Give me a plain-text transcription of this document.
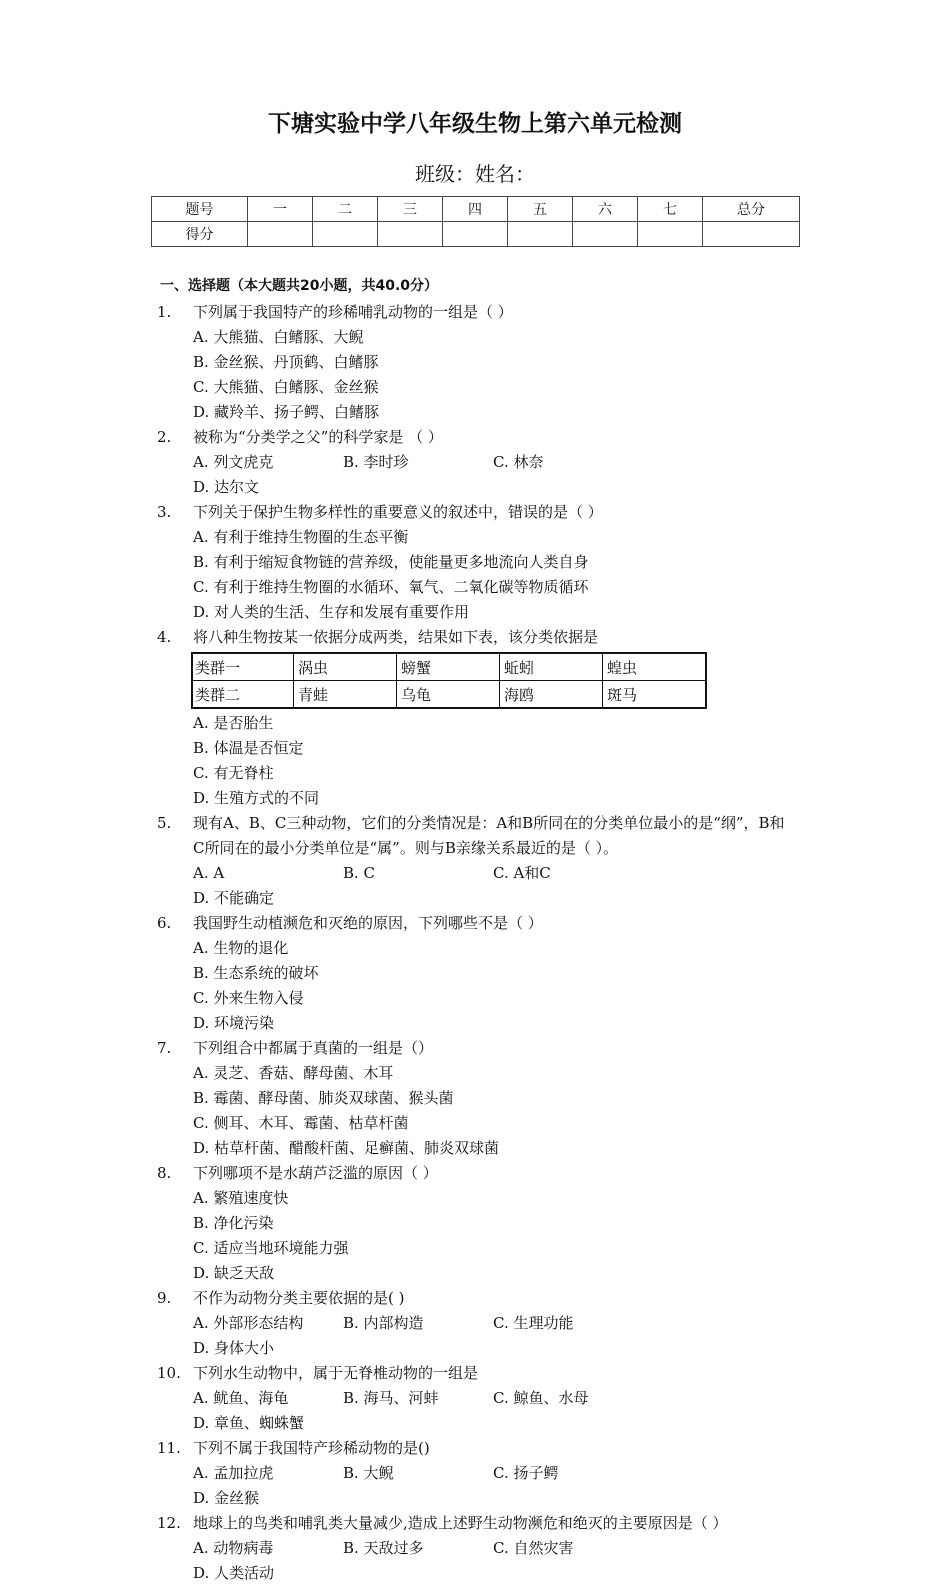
下塘实验中学八年级生物上第六单元检测
班级：姓名：
题号	一	二	三	四	五	六	七	总分
得分								
一、选择题（本大题共20小题，共40.0分）
1.	下列属于我国特产的珍稀哺乳动物的一组是（ ）
A. 大熊猫、白鳍豚、大鲵
B. 金丝猴、丹顶鹤、白鳍豚
C. 大熊猫、白鳍豚、金丝猴
D. 藏羚羊、扬子鳄、白鳍豚
2.	被称为“分类学之父”的科学家是 （ ）
A. 列文虎克	B. 李时珍	C. 林奈
D. 达尔文
3.	下列关于保护生物多样性的重要意义的叙述中，错误的是（ ）
A. 有利于维持生物圈的生态平衡
B. 有利于缩短食物链的营养级，使能量更多地流向人类自身
C. 有利于维持生物圈的水循环、氧气、二氧化碳等物质循环
D. 对人类的生活、生存和发展有重要作用
4.	将八种生物按某一依据分成两类，结果如下表，该分类依据是
类群一	涡虫	螃蟹	蚯蚓	蝗虫
类群二	青蛙	乌龟	海鸥	斑马
A. 是否胎生
B. 体温是否恒定
C. 有无脊柱
D. 生殖方式的不同
5.	现有A、B、C三种动物，它们的分类情况是：A和B所同在的分类单位最小的是“纲”，B和C所同在的最小分类单位是“属”。则与B亲缘关系最近的是（ ）。
A. A	B. C	C. A和C
D. 不能确定
6.	我国野生动植濒危和灭绝的原因，下列哪些不是（ ）
A. 生物的退化
B. 生态系统的破坏
C. 外来生物入侵
D. 环境污染
7.	下列组合中都属于真菌的一组是（）
A. 灵芝、香菇、酵母菌、木耳
B. 霉菌、酵母菌、肺炎双球菌、猴头菌
C. 侧耳、木耳、霉菌、枯草杆菌
D. 枯草杆菌、醋酸杆菌、足癣菌、肺炎双球菌
8.	下列哪项不是水葫芦泛滥的原因（ ）
A. 繁殖速度快
B. 净化污染
C. 适应当地环境能力强
D. 缺乏天敌
9.	不作为动物分类主要依据的是( )
A. 外部形态结构	B. 内部构造	C. 生理功能
D. 身体大小
10. 下列水生动物中，属于无脊椎动物的一组是
A. 鱿鱼、海龟	B. 海马、河蚌	C. 鲸鱼、水母
D. 章鱼、蜘蛛蟹
11. 下列不属于我国特产珍稀动物的是()
A. 孟加拉虎	B. 大鲵	C. 扬子鳄
D. 金丝猴
12. 地球上的鸟类和哺乳类大量减少,造成上述野生动物濒危和绝灭的主要原因是（ ）
A. 动物病毒	B. 天敌过多	C. 自然灾害
D. 人类活动
